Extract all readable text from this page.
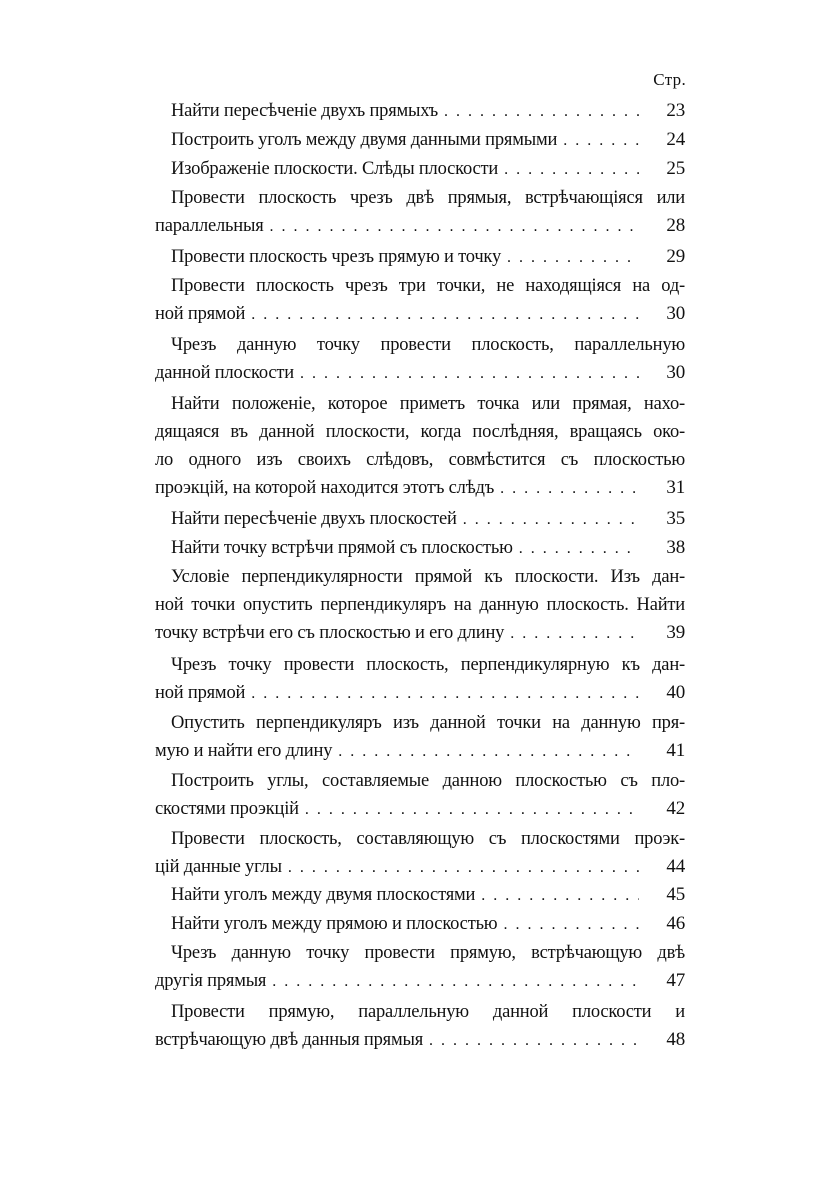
Стр.
Найти пересѣченіе двухъ прямыхъ . . .	23
Построить уголъ между двумя данными прямыми . . .	24
Изображеніе плоскости. Слѣды плоскости . . .	25
Провести плоскость чрезъ двѣ прямыя, встрѣчающіяся или
параллельныя . . .	28
Провести плоскость чрезъ прямую и точку . . .	29
Провести плоскость чрезъ три точки, не находящіяся на од-
ной прямой . . .	30
Чрезъ данную точку провести плоскость, параллельную
данной плоскости . . .	30
Найти положеніе, которое приметъ точка или прямая, нахо-
дящаяся въ данной плоскости, когда послѣдняя, вращаясь око-
ло одного изъ своихъ слѣдовъ, совмѣстится съ плоскостью
проэкцій, на которой находится этотъ слѣдъ . . .	31
Найти пересѣченіе двухъ плоскостей . . .	35
Найти точку встрѣчи прямой съ плоскостью . . .	38
Условіе перпендикулярности прямой къ плоскости. Изъ дан-
ной точки опустить перпендикуляръ на данную плоскость. Найти
точку встрѣчи его съ плоскостью и его длину . . .	39
Чрезъ точку провести плоскость, перпендикулярную къ дан-
ной прямой . . .	40
Опустить перпендикуляръ изъ данной точки на данную пря-
мую и найти его длину . . .	41
Построить углы, составляемые данною плоскостью съ пло-
скостями проэкцій . . .	42
Провести плоскость, составляющую съ плоскостями проэк-
цій данные углы . . .	44
Найти уголъ между двумя плоскостями . . .	45
Найти уголъ между прямою и плоскостью . . .	46
Чрезъ данную точку провести прямую, встрѣчающую двѣ
другія прямыя . . .	47
Провести прямую, параллельную данной плоскости и
встрѣчающую двѣ данныя прямыя . . .	48
